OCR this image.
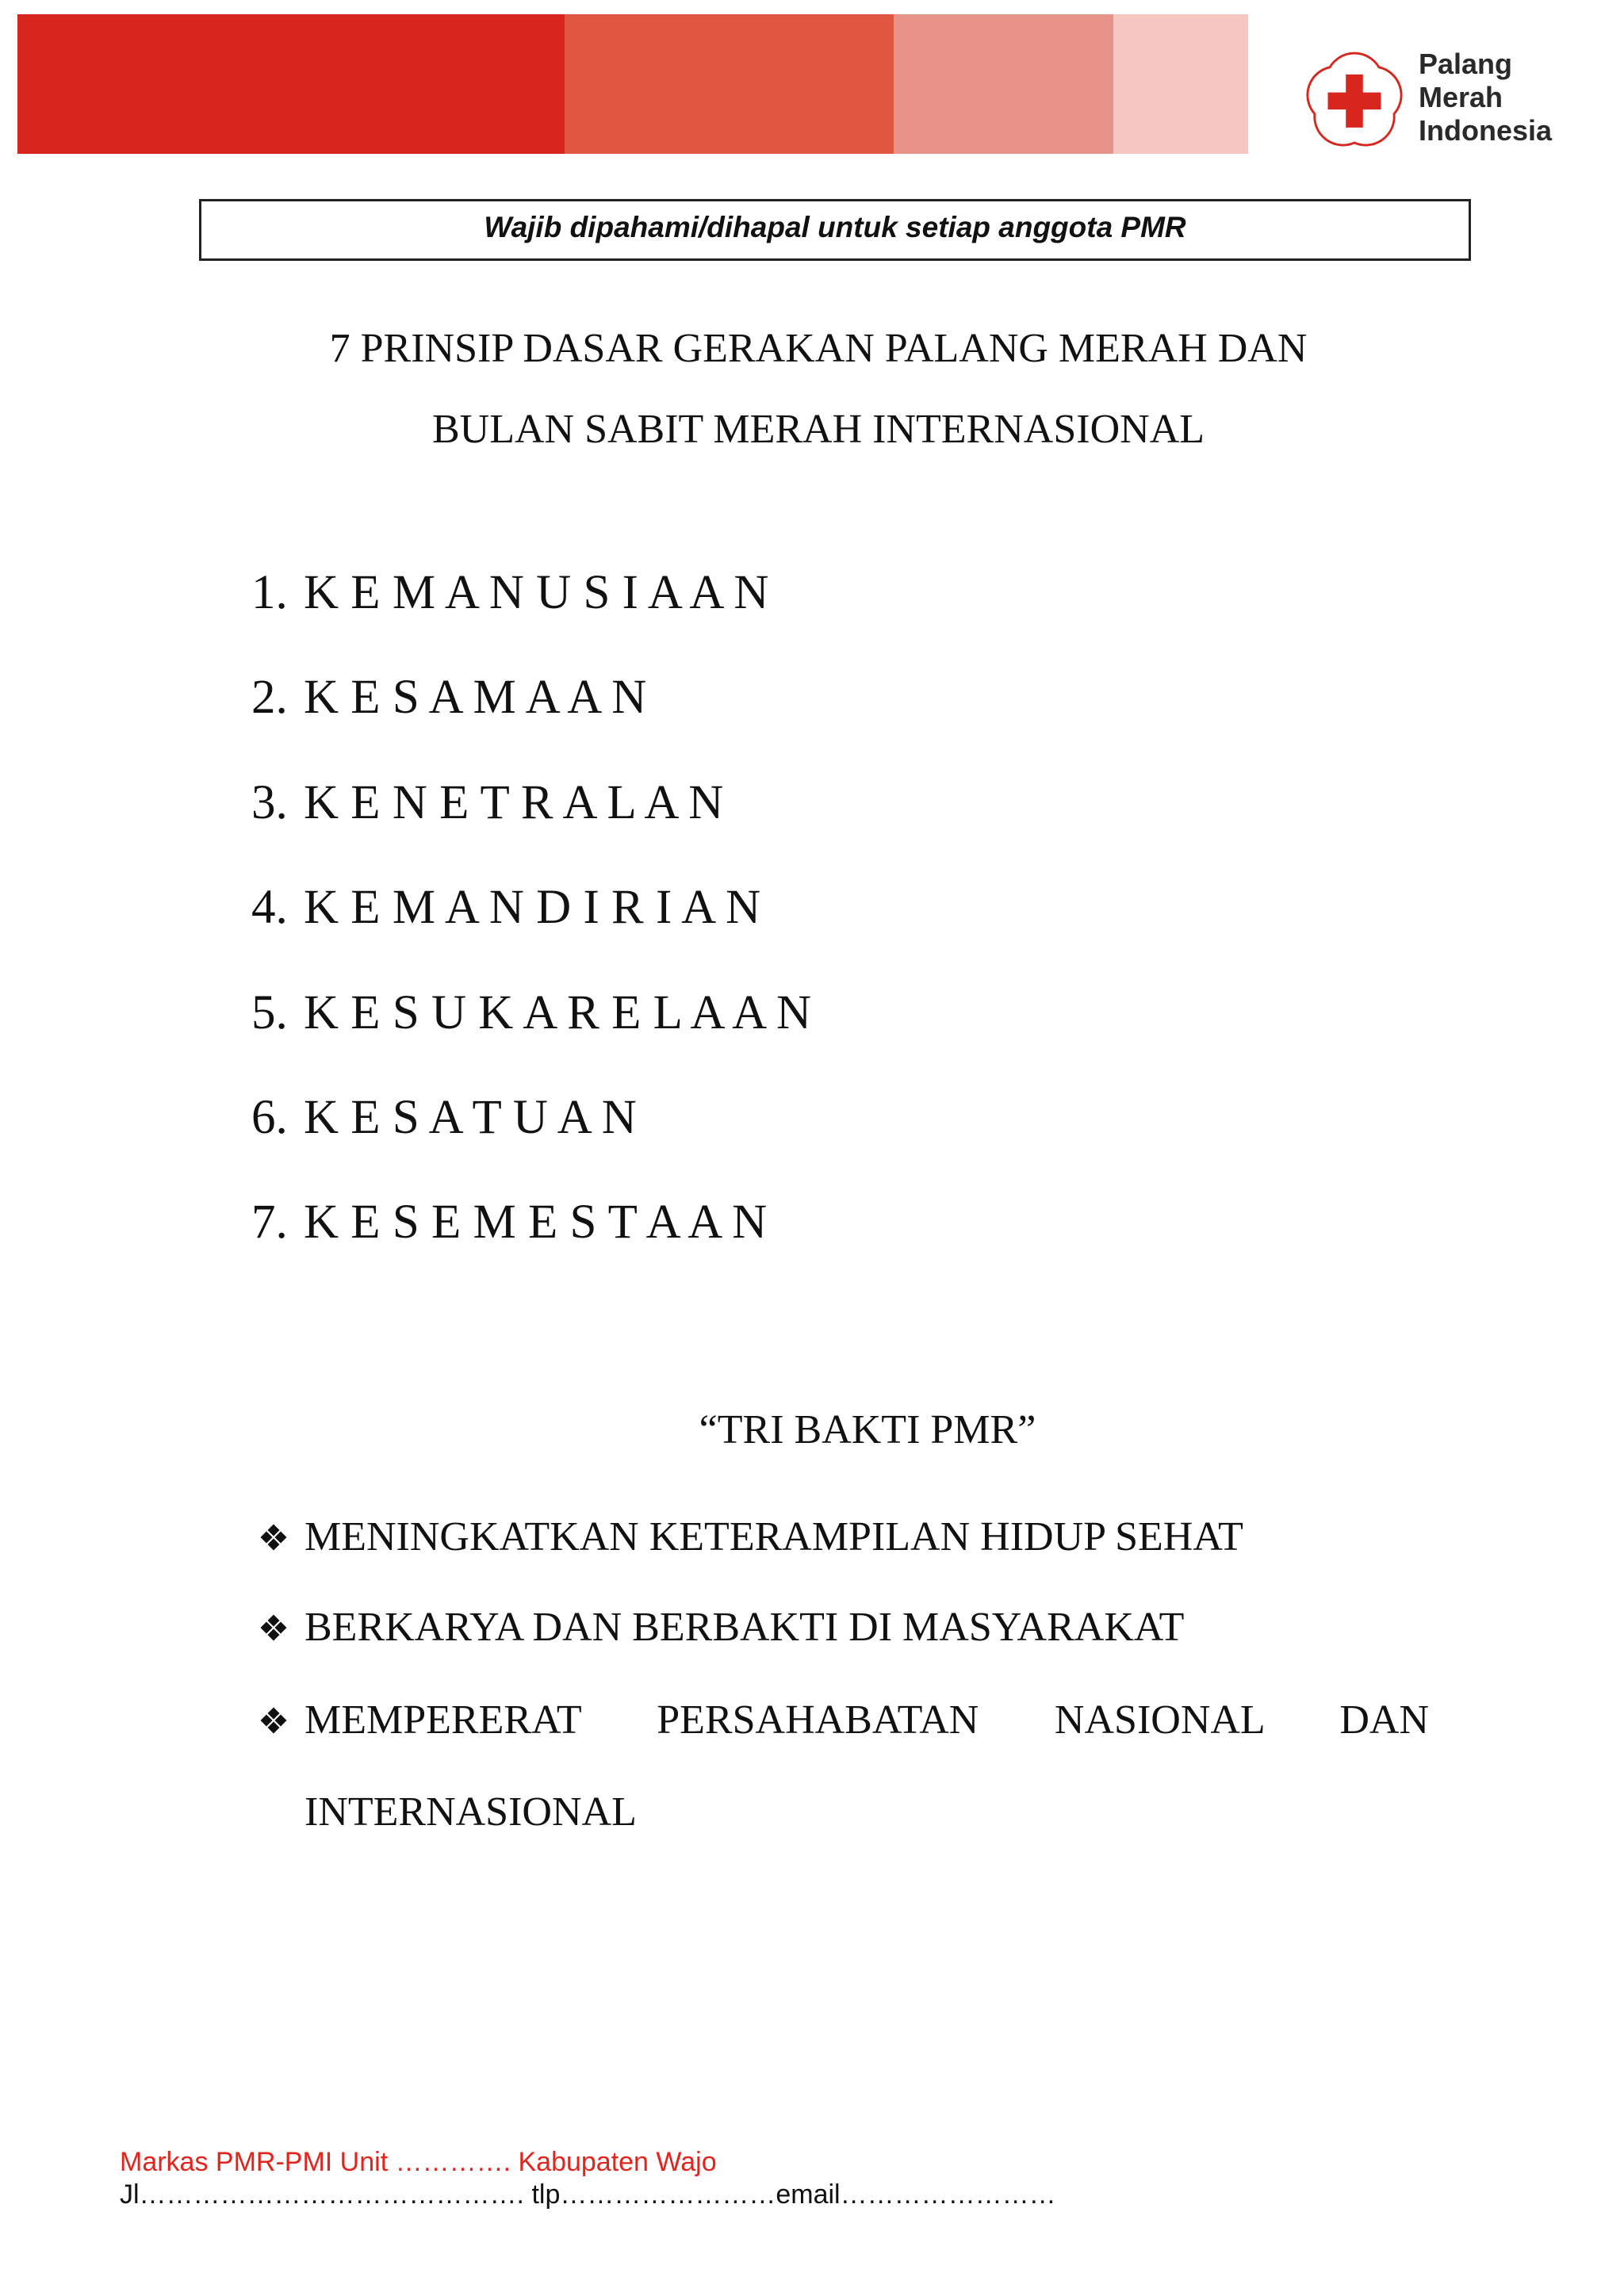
Palang
Merah
Indonesia
Wajib dipahami/dihapal untuk setiap anggota PMR
7 PRINSIP DASAR GERAKAN PALANG MERAH DAN
BULAN SABIT MERAH INTERNASIONAL
1. K E M A N U S I A A N
2. K E S A M A A N
3. K E N E T R A L A N
4. K E M A N D I R I A N
5. K E S U K A R E L A A N
6. K E S A T U A N
7. K E S E M E S T A A N
“TRI BAKTI PMR”
MENINGKATKAN KETERAMPILAN HIDUP SEHAT
BERKARYA DAN BERBAKTI DI MASYARAKAT
MEMPERERAT PERSAHABATAN NASIONAL DAN INTERNASIONAL
Markas PMR-PMI Unit …………. Kabupaten Wajo
Jl……………………………………. tlp……………………email……………………
